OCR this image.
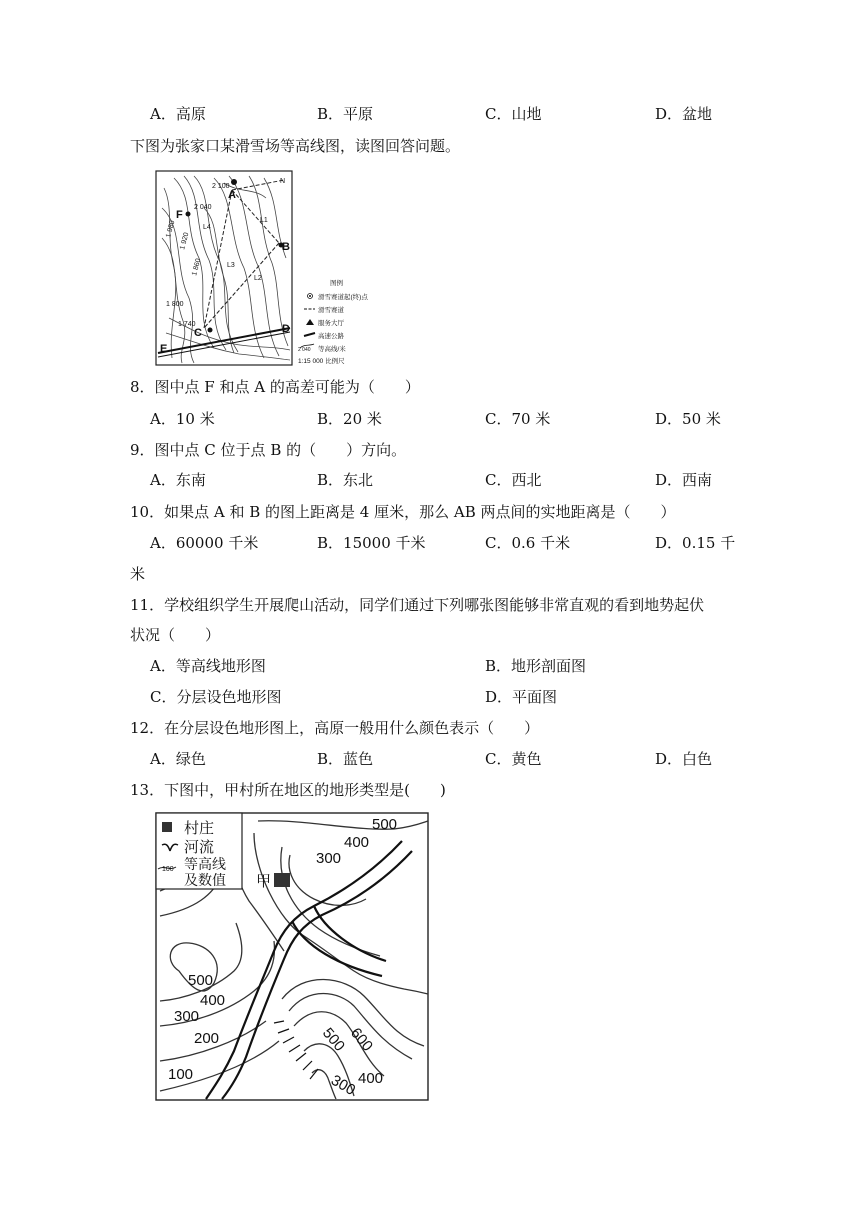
A．高原	B．平原	C．山地	D．盆地
下图为张家口某滑雪场等高线图，读图回答问题。
A
B
C	D
E
F
N
L1
L2
L3
L4
2 100
2 040
1 800
1 740
1 980
1 920
1 860
图例
滑雪赛道起(终)点
滑雪赛道
服务大厅
高速公路
2 040 等高线/米
1:15 000 比例尺
8．图中点 F 和点 A 的高差可能为（　　）
A．10 米	B．20 米	C．70 米	D．50 米
9．图中点 C 位于点 B 的（　　）方向。
A．东南	B．东北	C．西北	D．西南
10．如果点 A 和 B 的图上距离是 4 厘米，那么 AB 两点间的实地距离是（　　）
A．60000 千米	B．15000 千米	C．0.6 千米	D．0.15 千
米
11．学校组织学生开展爬山活动，同学们通过下列哪张图能够非常直观的看到地势起伏
状况（　　）
A．等高线地形图	B．地形剖面图
C．分层设色地形图	D．平面图
12．在分层设色地形图上，高原一般用什么颜色表示（　　）
A．绿色	B．蓝色	C．黄色	D．白色
13．下图中，甲村所在地区的地形类型是(　　)
甲
村庄
河流
100 等高线
及数值
500
400
300
500
400
300
200
100
500
600
300 400
